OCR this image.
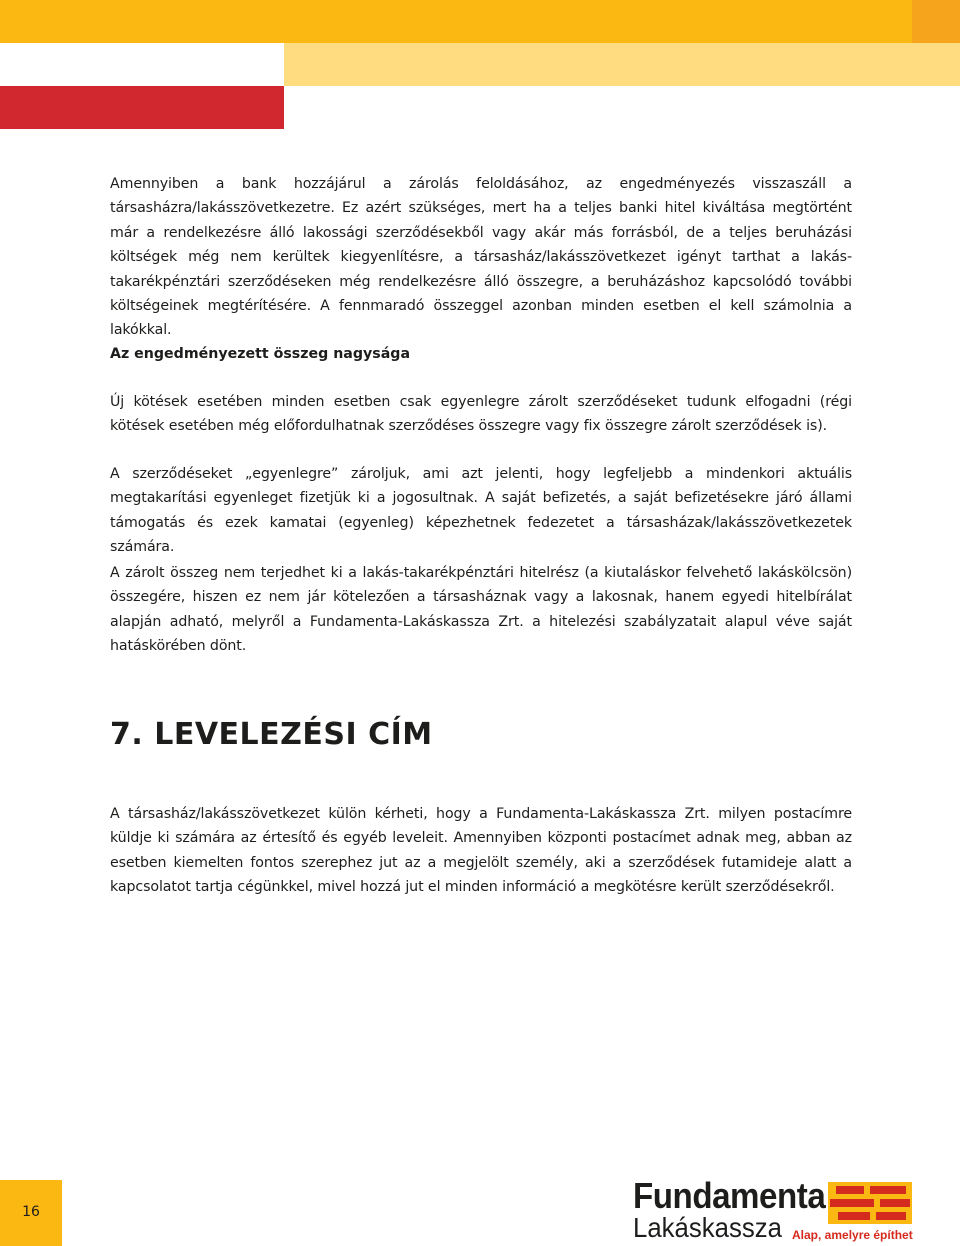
Amennyiben a bank hozzájárul a zárolás feloldásához, az engedményezés visszaszáll a társasházra/lakásszövetkezetre. Ez azért szükséges, mert ha a teljes banki hitel kiváltása megtörtént már a rendelkezésre álló lakossági szerződésekből vagy akár más forrásból, de a teljes beruházási költségek még nem kerültek kiegyenlítésre, a társasház/lakásszövetkezet igényt tarthat a lakás-takarékpénztári szerződéseken még rendelkezésre álló összegre, a beruházáshoz kapcsolódó további költségeinek megtérítésére. A fennmaradó összeggel azonban minden esetben el kell számolnia a lakókkal.

Az engedményezett összeg nagysága

Új kötések esetében minden esetben csak egyenlegre zárolt szerződéseket tudunk elfogadni (régi kötések esetében még előfordulhatnak szerződéses összegre vagy fix összegre zárolt szerződések is).

A szerződéseket „egyenlegre” zároljuk, ami azt jelenti, hogy legfeljebb a mindenkori aktuális megtakarítási egyenleget fizetjük ki a jogosultnak. A saját befizetés, a saját befizetésekre járó állami támogatás és ezek kamatai (egyenleg) képezhetnek fedezetet a társasházak/lakásszövetkezetek számára.

A zárolt összeg nem terjedhet ki a lakás-takarékpénztári hitelrész (a kiutaláskor felvehető lakáskölcsön) összegére, hiszen ez nem jár kötelezően a társasháznak vagy a lakosnak, hanem egyedi hitelbírálat alapján adható, melyről a Fundamenta-Lakáskassza Zrt. a hitelezési szabályzatait alapul véve saját hatáskörében dönt.

7. LEVELEZÉSI CÍM

A társasház/lakásszövetkezet külön kérheti, hogy a Fundamenta-Lakáskassza Zrt. milyen postacímre küldje ki számára az értesítő és egyéb leveleit. Amennyiben központi postacímet adnak meg, abban az esetben kiemelten fontos szerephez jut az a megjelölt személy, aki a szerződések futamideje alatt a kapcsolatot tartja cégünkkel, mivel hozzá jut el minden információ a megkötésre került szerződésekről.

16	Fundamenta
Lakáskassza Alap, amelyre építhet
